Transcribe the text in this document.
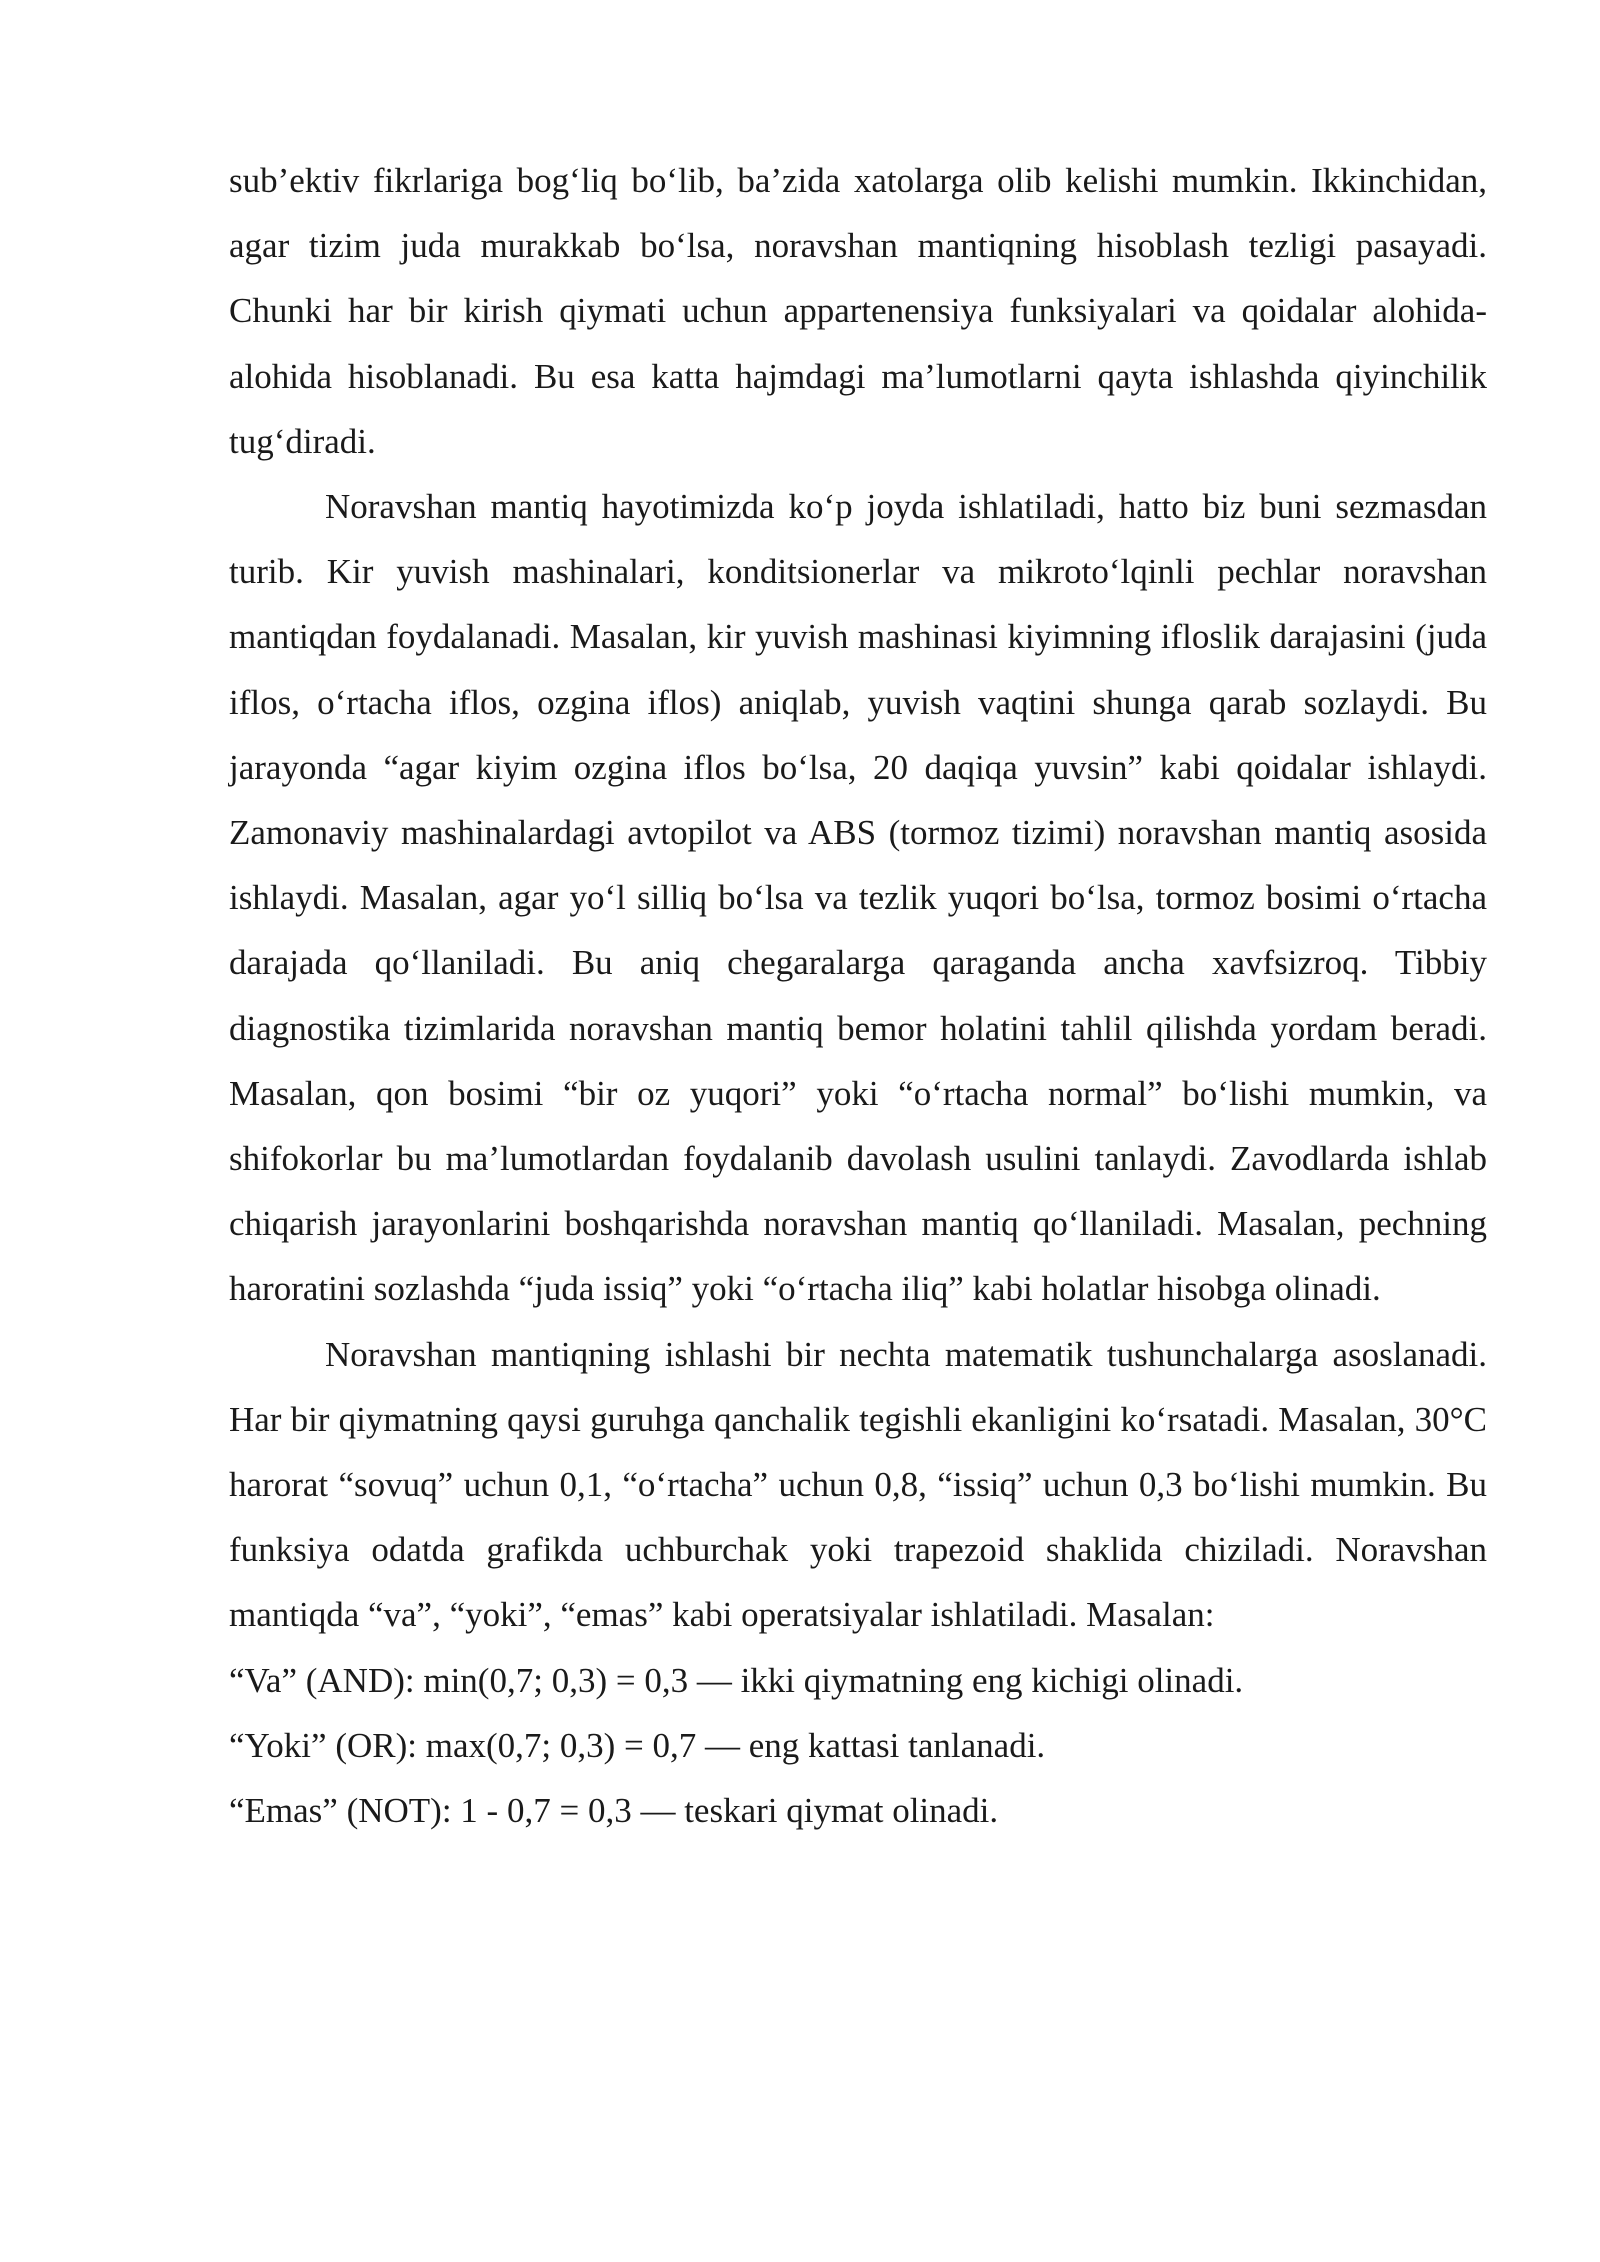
sub’ektiv fikrlariga bog‘liq bo‘lib, ba’zida xatolarga olib kelishi mumkin. Ikkinchidan, agar tizim juda murakkab bo‘lsa, noravshan mantiqning hisoblash tezligi pasayadi. Chunki har bir kirish qiymati uchun appartenensiya funksiyalari va qoidalar alohida-alohida hisoblanadi. Bu esa katta hajmdagi ma’lumotlarni qayta ishlashda qiyinchilik tug‘diradi.

Noravshan mantiq hayotimizda ko‘p joyda ishlatiladi, hatto biz buni sezmasdan turib. Kir yuvish mashinalari, konditsionerlar va mikroto‘lqinli pechlar noravshan mantiqdan foydalanadi. Masalan, kir yuvish mashinasi kiyimning ifloslik darajasini (juda iflos, o‘rtacha iflos, ozgina iflos) aniqlab, yuvish vaqtini shunga qarab sozlaydi. Bu jarayonda “agar kiyim ozgina iflos bo‘lsa, 20 daqiqa yuvsin” kabi qoidalar ishlaydi. Zamonaviy mashinalardagi avtopilot va ABS (tormoz tizimi) noravshan mantiq asosida ishlaydi. Masalan, agar yo‘l silliq bo‘lsa va tezlik yuqori bo‘lsa, tormoz bosimi o‘rtacha darajada qo‘llaniladi. Bu aniq chegaralarga qaraganda ancha xavfsizroq. Tibbiy diagnostika tizimlarida noravshan mantiq bemor holatini tahlil qilishda yordam beradi. Masalan, qon bosimi “bir oz yuqori” yoki “o‘rtacha normal” bo‘lishi mumkin, va shifokorlar bu ma’lumotlardan foydalanib davolash usulini tanlaydi. Zavodlarda ishlab chiqarish jarayonlarini boshqarishda noravshan mantiq qo‘llaniladi. Masalan, pechning haroratini sozlashda “juda issiq” yoki “o‘rtacha iliq” kabi holatlar hisobga olinadi.

Noravshan mantiqning ishlashi bir nechta matematik tushunchalarga asoslanadi. Har bir qiymatning qaysi guruhga qanchalik tegishli ekanligini ko‘rsatadi. Masalan, 30°C harorat “sovuq” uchun 0,1, “o‘rtacha” uchun 0,8, “issiq” uchun 0,3 bo‘lishi mumkin. Bu funksiya odatda grafikda uchburchak yoki trapezoid shaklida chiziladi. Noravshan mantiqda “va”, “yoki”, “emas” kabi operatsiyalar ishlatiladi. Masalan:

“Va” (AND): min(0,7; 0,3) = 0,3 — ikki qiymatning eng kichigi olinadi.

“Yoki” (OR): max(0,7; 0,3) = 0,7 — eng kattasi tanlanadi.

“Emas” (NOT): 1 - 0,7 = 0,3 — teskari qiymat olinadi.
